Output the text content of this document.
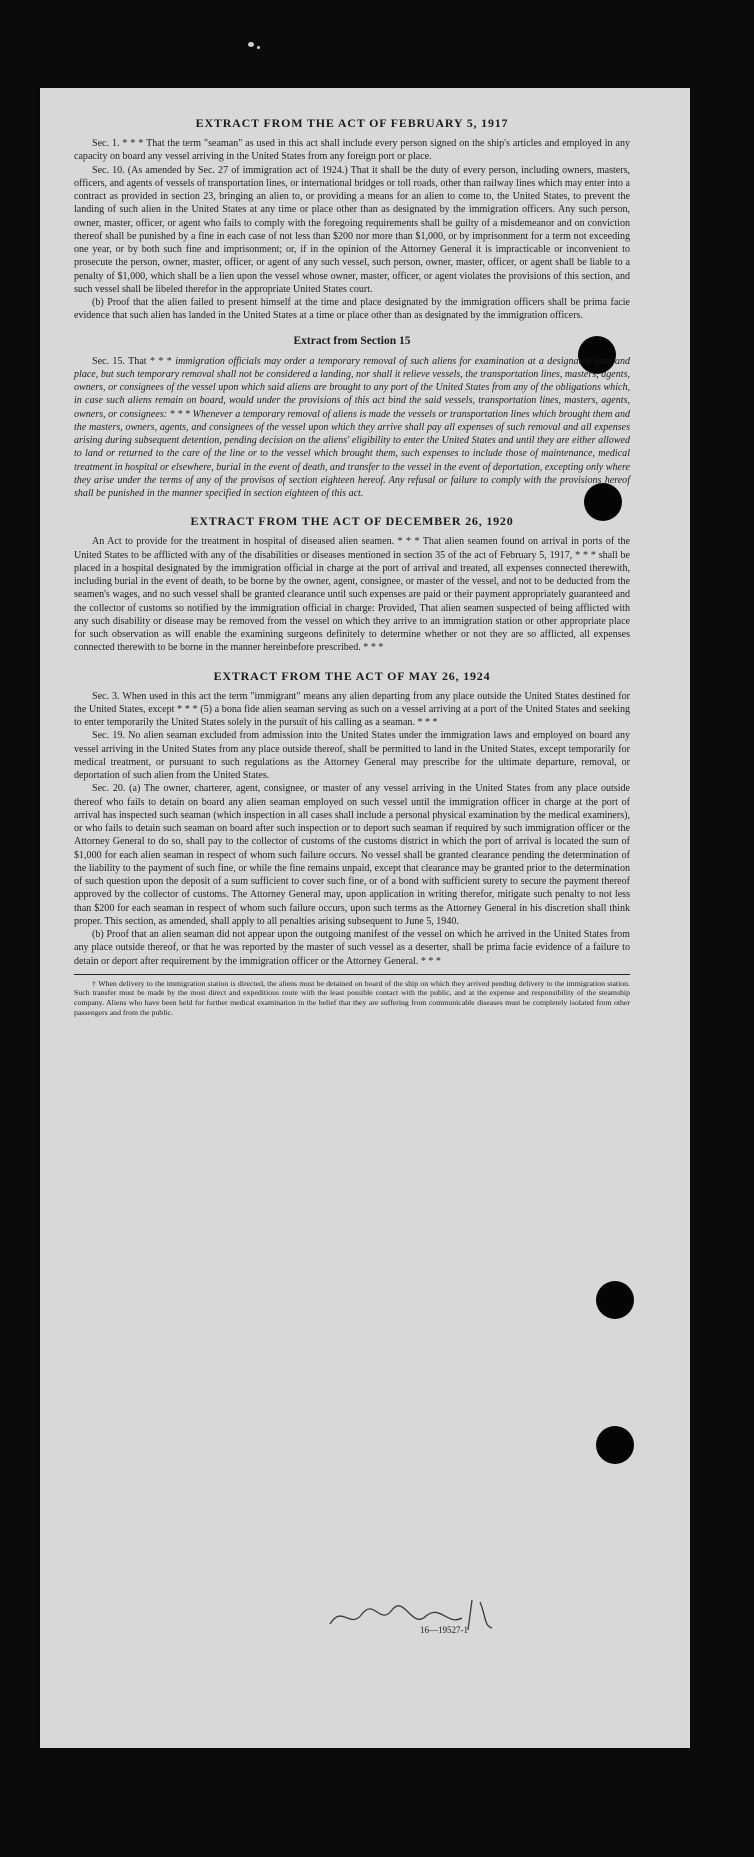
EXTRACT FROM THE ACT OF FEBRUARY 5, 1917

Sec. 1. * * * That the term "seaman" as used in this act shall include every person signed on the ship's articles and employed in any capacity on board any vessel arriving in the United States from any foreign port or place.

Sec. 10. (As amended by Sec. 27 of immigration act of 1924.) That it shall be the duty of every person, including owners, masters, officers, and agents of vessels of transportation lines, or international bridges or toll roads, other than railway lines which may enter into a contract as provided in section 23, bringing an alien to, or providing a means for an alien to come to, the United States, to prevent the landing of such alien in the United States at any time or place other than as designated by the immigration officers. Any such person, owner, master, officer, or agent who fails to comply with the foregoing requirements shall be guilty of a misdemeanor and on conviction thereof shall be punished by a fine in each case of not less than $200 nor more than $1,000, or by imprisonment for a term not exceeding one year, or by both such fine and imprisonment; or, if in the opinion of the Attorney General it is impracticable or inconvenient to prosecute the person, owner, master, officer, or agent of any such vessel, such person, owner, master, officer, or agent shall be liable to a penalty of $1,000, which shall be a lien upon the vessel whose owner, master, officer, or agent violates the provisions of this section, and such vessel shall be libeled therefor in the appropriate United States court.

(b) Proof that the alien failed to present himself at the time and place designated by the immigration officers shall be prima facie evidence that such alien has landed in the United States at a time or place other than as designated by the immigration officers.

Extract from Section 15

Sec. 15. That * * * immigration officials may order a temporary removal of such aliens for examination at a designated time and place, but such temporary removal shall not be considered a landing, nor shall it relieve vessels, the transportation lines, masters, agents, owners, or consignees of the vessel upon which said aliens are brought to any port of the United States from any of the obligations which, in case such aliens remain on board, would under the provisions of this act bind the said vessels, transportation lines, masters, agents, owners, or consignees: * * * Whenever a temporary removal of aliens is made the vessels or transportation lines which brought them and the masters, owners, agents, and consignees of the vessel upon which they arrive shall pay all expenses of such removal and all expenses arising during subsequent detention, pending decision on the aliens' eligibility to enter the United States and until they are either allowed to land or returned to the care of the line or to the vessel which brought them, such expenses to include those of maintenance, medical treatment in hospital or elsewhere, burial in the event of death, and transfer to the vessel in the event of deportation, excepting only where they arise under the terms of any of the provisos of section eighteen hereof. Any refusal or failure to comply with the provisions hereof shall be punished in the manner specified in section eighteen of this act.

EXTRACT FROM THE ACT OF DECEMBER 26, 1920

An Act to provide for the treatment in hospital of diseased alien seamen. * * * That alien seamen found on arrival in ports of the United States to be afflicted with any of the disabilities or diseases mentioned in section 35 of the act of February 5, 1917, * * * shall be placed in a hospital designated by the immigration official in charge at the port of arrival and treated, all expenses connected therewith, including burial in the event of death, to be borne by the owner, agent, consignee, or master of the vessel, and not to be deducted from the seamen's wages, and no such vessel shall be granted clearance until such expenses are paid or their payment appropriately guaranteed and the collector of customs so notified by the immigration official in charge: Provided, That alien seamen suspected of being afflicted with any such disability or disease may be removed from the vessel on which they arrive to an immigration station or other appropriate place for such observation as will enable the examining surgeons definitely to determine whether or not they are so afflicted, all expenses connected therewith to be borne in the manner hereinbefore prescribed. * * *

EXTRACT FROM THE ACT OF MAY 26, 1924

Sec. 3. When used in this act the term "immigrant" means any alien departing from any place outside the United States destined for the United States, except * * * (5) a bona fide alien seaman serving as such on a vessel arriving at a port of the United States and seeking to enter temporarily the United States solely in the pursuit of his calling as a seaman. * * *

Sec. 19. No alien seaman excluded from admission into the United States under the immigration laws and employed on board any vessel arriving in the United States from any place outside thereof, shall be permitted to land in the United States, except temporarily for medical treatment, or pursuant to such regulations as the Attorney General may prescribe for the ultimate departure, removal, or deportation of such alien from the United States.

Sec. 20. (a) The owner, charterer, agent, consignee, or master of any vessel arriving in the United States from any place outside thereof who fails to detain on board any alien seaman employed on such vessel until the immigration officer in charge at the port of arrival has inspected such seaman (which inspection in all cases shall include a personal physical examination by the medical examiners), or who fails to detain such seaman on board after such inspection or to deport such seaman if required by such immigration officer or the Attorney General to do so, shall pay to the collector of customs of the customs district in which the port of arrival is located the sum of $1,000 for each alien seaman in respect of whom such failure occurs. No vessel shall be granted clearance pending the determination of the liability to the payment of such fine, or while the fine remains unpaid, except that clearance may be granted prior to the determination of such question upon the deposit of a sum sufficient to cover such fine, or of a bond with sufficient surety to secure the payment thereof approved by the collector of customs. The Attorney General may, upon application in writing therefor, mitigate such penalty to not less than $200 for each seaman in respect of whom such failure occurs, upon such terms as the Attorney General in his discretion shall think proper. This section, as amended, shall apply to all penalties arising subsequent to June 5, 1940.

(b) Proof that an alien seaman did not appear upon the outgoing manifest of the vessel on which he arrived in the United States from any place outside thereof, or that he was reported by the master of such vessel as a deserter, shall be prima facie evidence of a failure to detain or deport after requirement by the immigration officer or the Attorney General. * * *

† When delivery to the immigration station is directed, the aliens must be detained on board of the ship on which they arrived pending delivery to the immigration station. Such transfer must be made by the most direct and expeditious route with the least possible contact with the public, and at the expense and responsibility of the steamship company. Aliens who have been held for further medical examination in the belief that they are suffering from communicable diseases must be completely isolated from other passengers and from the public.

16—19527-1
